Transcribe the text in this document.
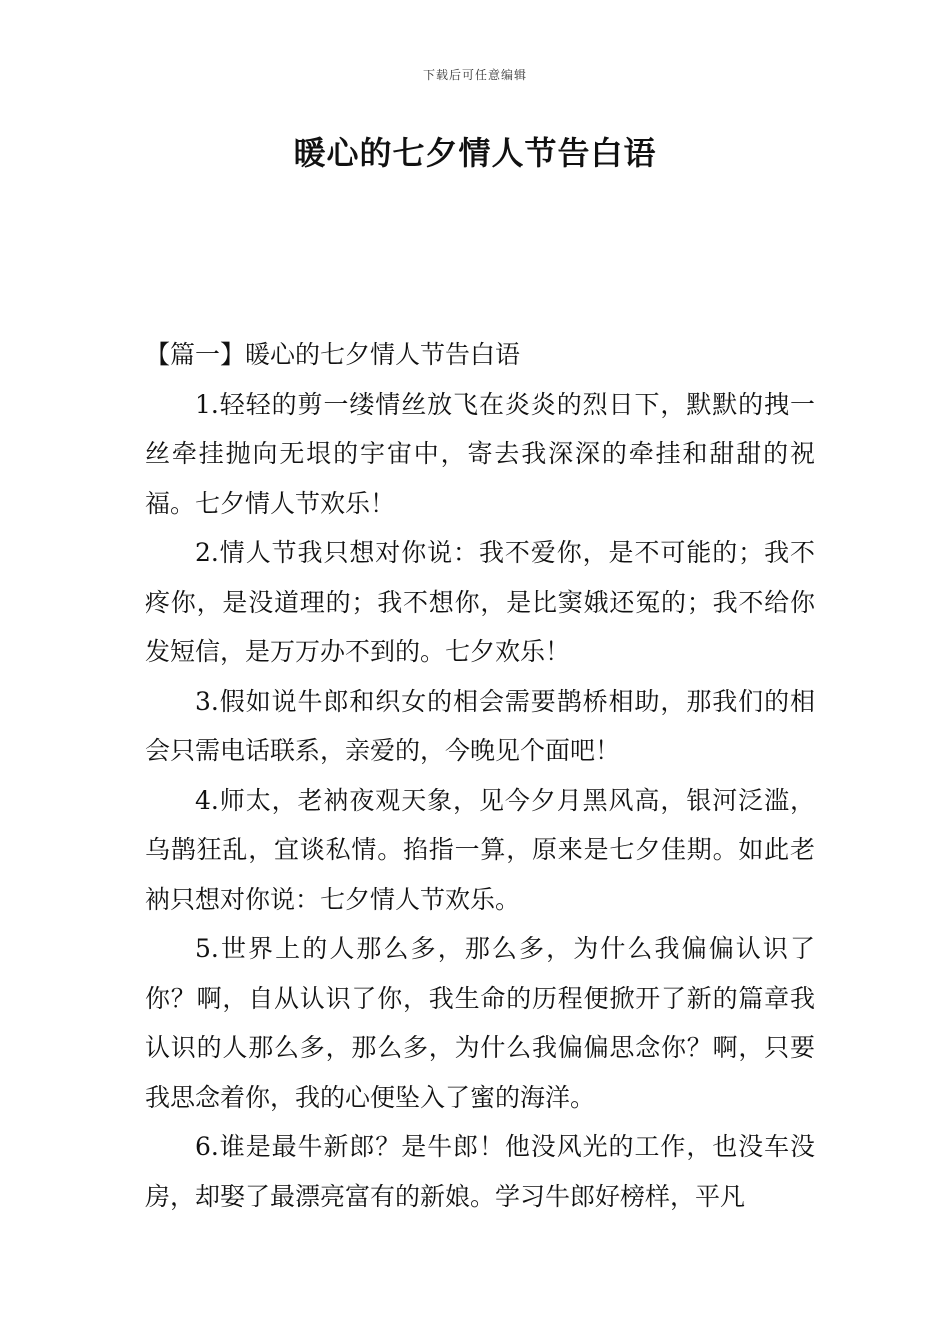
下载后可任意编辑
暖心的七夕情人节告白语

【篇一】暖心的七夕情人节告白语

1.轻轻的剪一缕情丝放飞在炎炎的烈日下，默默的拽一丝牵挂抛向无垠的宇宙中，寄去我深深的牵挂和甜甜的祝福。七夕情人节欢乐！

2.情人节我只想对你说：我不爱你，是不可能的；我不疼你，是没道理的；我不想你，是比窦娥还冤的；我不给你发短信，是万万办不到的。七夕欢乐！

3.假如说牛郎和织女的相会需要鹊桥相助，那我们的相会只需电话联系，亲爱的，今晚见个面吧！

4.师太，老衲夜观天象，见今夕月黑风高，银河泛滥，乌鹊狂乱，宜谈私情。掐指一算，原来是七夕佳期。如此老衲只想对你说：七夕情人节欢乐。

5.世界上的人那么多，那么多，为什么我偏偏认识了你？啊，自从认识了你，我生命的历程便掀开了新的篇章我认识的人那么多，那么多，为什么我偏偏思念你？啊，只要我思念着你，我的心便坠入了蜜的海洋。

6.谁是最牛新郎？是牛郎！他没风光的工作，也没车没房，却娶了最漂亮富有的新娘。学习牛郎好榜样，平凡
